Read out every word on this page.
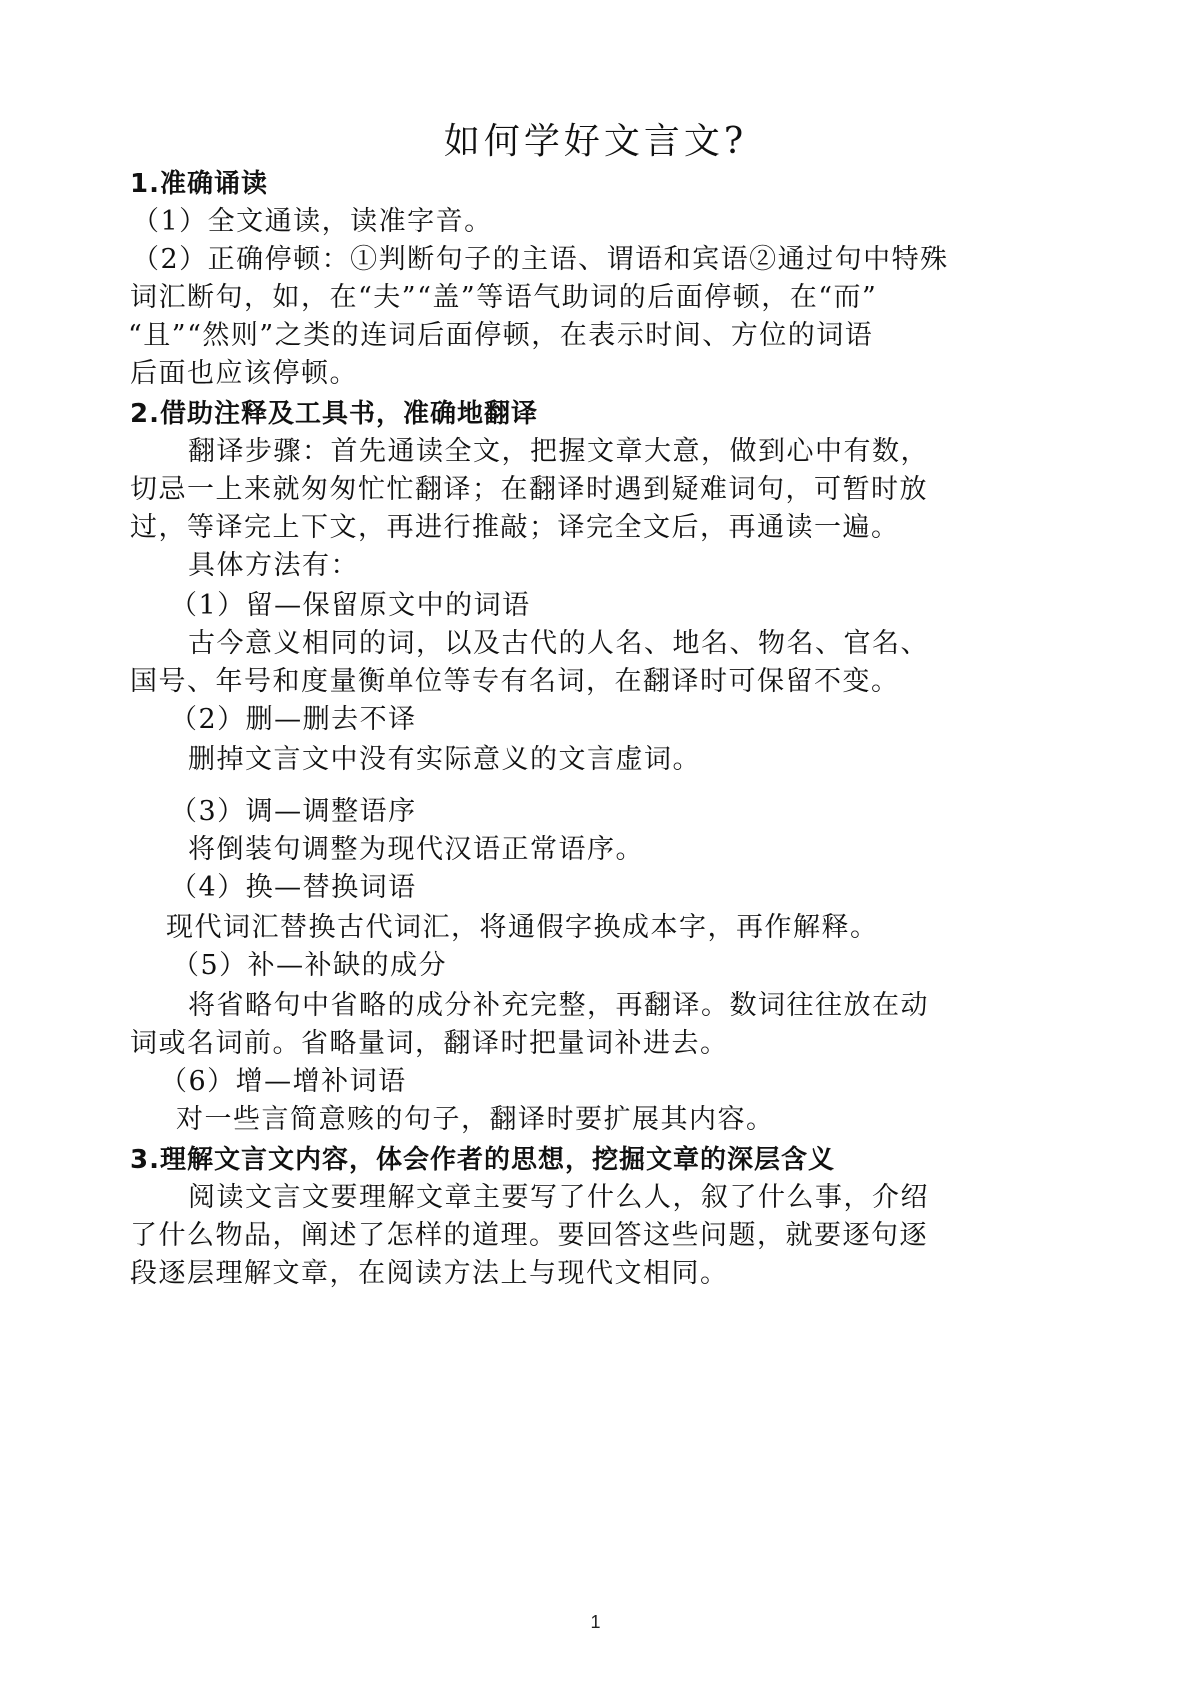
如何学好文言文?
1.准确诵读
（1）全文通读，读准字音。
（2）正确停顿：①判断句子的主语、谓语和宾语②通过句中特殊
词汇断句，如，在“夫”“盖”等语气助词的后面停顿，在“而”
“且”“然则”之类的连词后面停顿，在表示时间、方位的词语
后面也应该停顿。
2.借助注释及工具书，准确地翻译
翻译步骤：首先通读全文，把握文章大意，做到心中有数，
切忌一上来就匆匆忙忙翻译；在翻译时遇到疑难词句，可暂时放
过，等译完上下文，再进行推敲；译完全文后，再通读一遍。
具体方法有：
（1）留—保留原文中的词语
古今意义相同的词，以及古代的人名、地名、物名、官名、
国号、年号和度量衡单位等专有名词，在翻译时可保留不变。
（2）删—删去不译
删掉文言文中没有实际意义的文言虚词。
（3）调—调整语序
将倒装句调整为现代汉语正常语序。
（4）换—替换词语
现代词汇替换古代词汇，将通假字换成本字，再作解释。
（5）补—补缺的成分
将省略句中省略的成分补充完整，再翻译。数词往往放在动
词或名词前。省略量词，翻译时把量词补进去。
（6）增—增补词语
对一些言简意赅的句子，翻译时要扩展其内容。
3.理解文言文内容，体会作者的思想，挖掘文章的深层含义
阅读文言文要理解文章主要写了什么人，叙了什么事，介绍
了什么物品，阐述了怎样的道理。要回答这些问题，就要逐句逐
段逐层理解文章，在阅读方法上与现代文相同。
1
